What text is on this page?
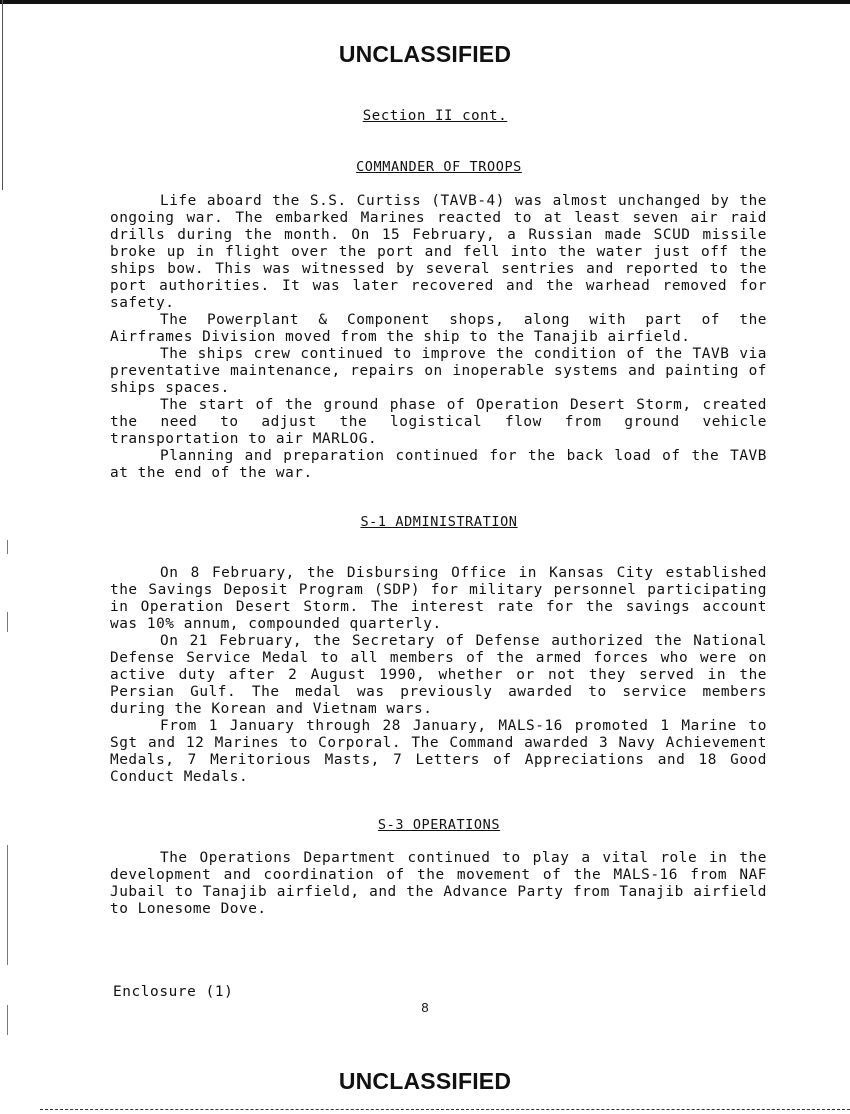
UNCLASSIFIED
Section II cont.
COMMANDER OF TROOPS

Life aboard the S.S. Curtiss (TAVB-4) was almost unchanged by the ongoing war. The embarked Marines reacted to at least seven air raid drills during the month. On 15 February, a Russian made SCUD missile broke up in flight over the port and fell into the water just off the ships bow. This was witnessed by several sentries and reported to the port authorities. It was later recovered and the warhead removed for safety.

The Powerplant & Component shops, along with part of the Airframes Division moved from the ship to the Tanajib airfield.

The ships crew continued to improve the condition of the TAVB via preventative maintenance, repairs on inoperable systems and painting of ships spaces.

The start of the ground phase of Operation Desert Storm, created the need to adjust the logistical flow from ground vehicle transportation to air MARLOG.

Planning and preparation continued for the back load of the TAVB at the end of the war.

S-1 ADMINISTRATION

On 8 February, the Disbursing Office in Kansas City established the Savings Deposit Program (SDP) for military personnel participating in Operation Desert Storm. The interest rate for the savings account was 10% annum, compounded quarterly.

On 21 February, the Secretary of Defense authorized the National Defense Service Medal to all members of the armed forces who were on active duty after 2 August 1990, whether or not they served in the Persian Gulf. The medal was previously awarded to service members during the Korean and Vietnam wars.

From 1 January through 28 January, MALS-16 promoted 1 Marine to Sgt and 12 Marines to Corporal. The Command awarded 3 Navy Achievement Medals, 7 Meritorious Masts, 7 Letters of Appreciations and 18 Good Conduct Medals.

S-3 OPERATIONS

The Operations Department continued to play a vital role in the development and coordination of the movement of the MALS-16 from NAF Jubail to Tanajib airfield, and the Advance Party from Tanajib airfield to Lonesome Dove.

Enclosure (1)
8
UNCLASSIFIED
